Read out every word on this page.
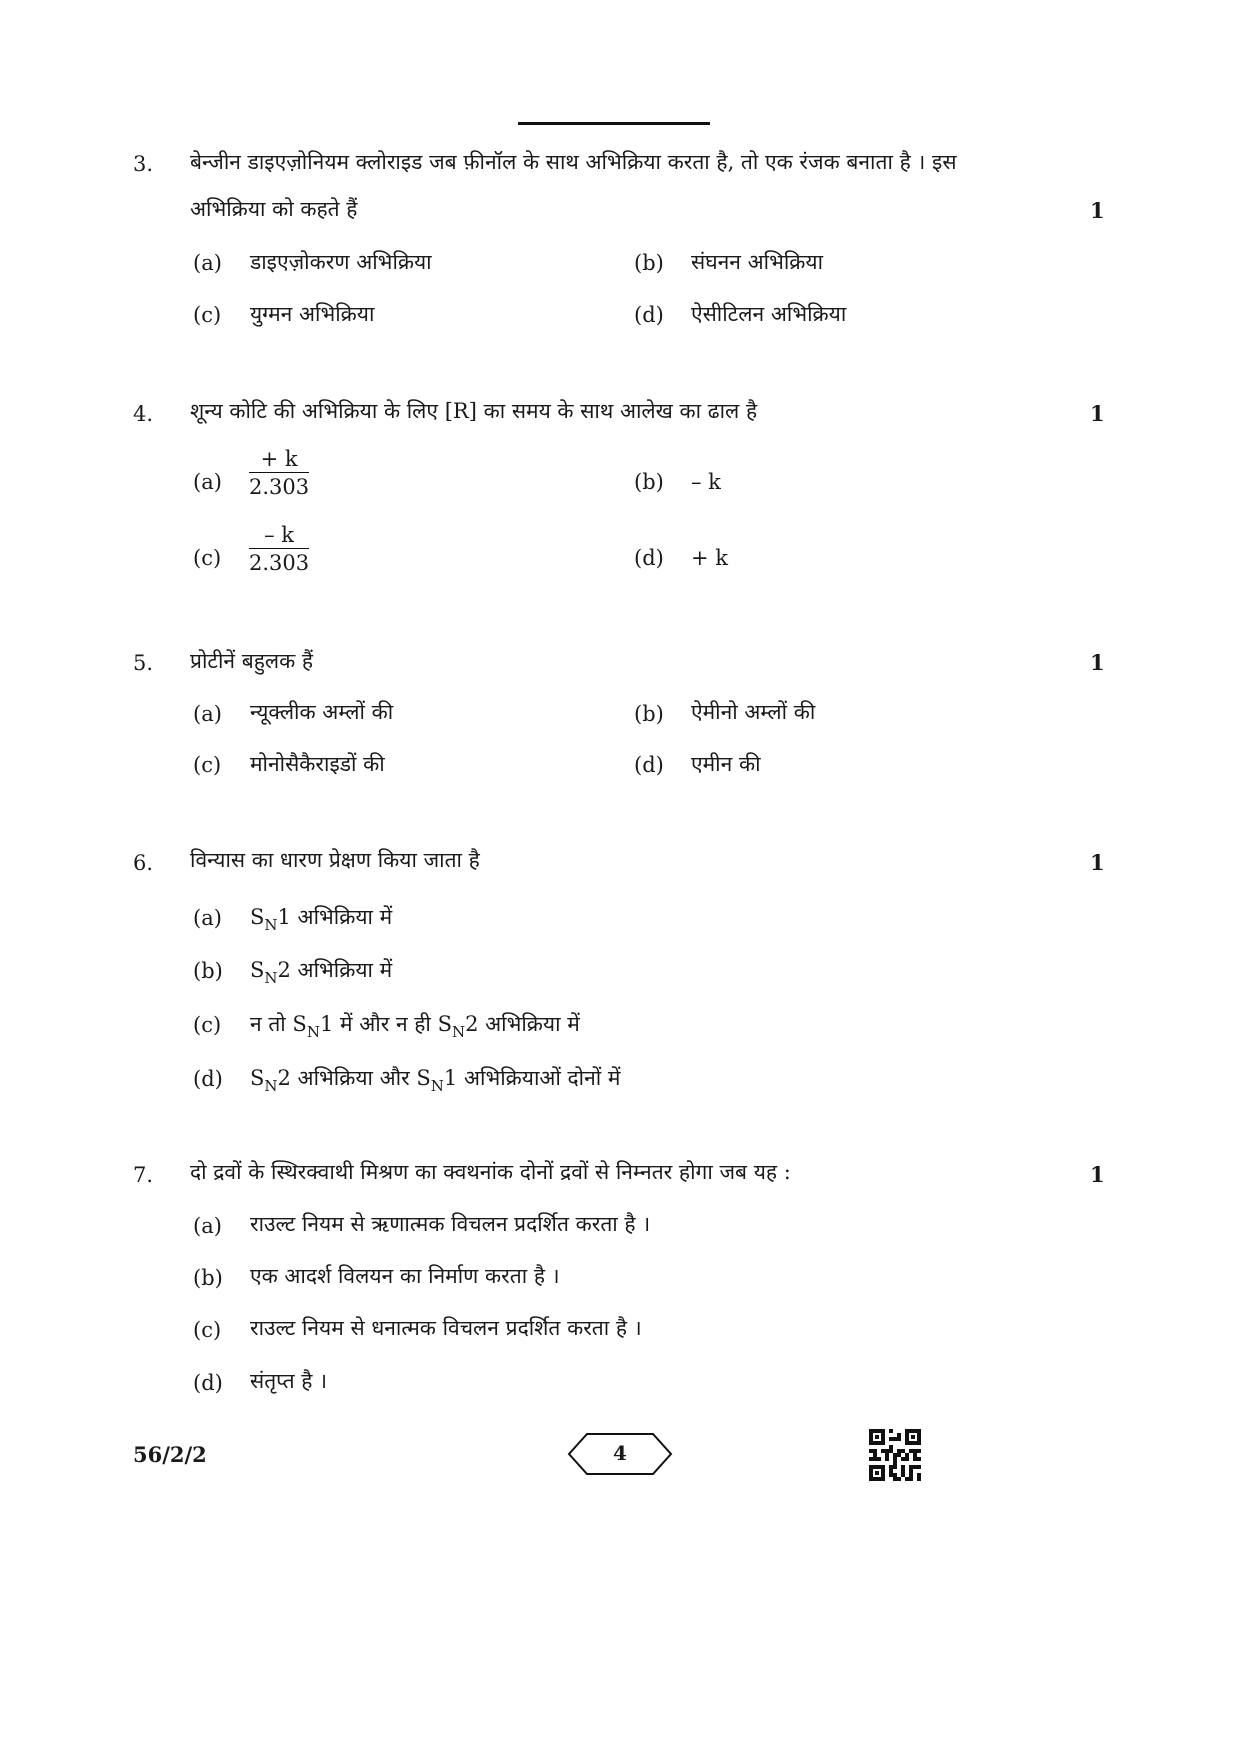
3. बेन्जीन डाइएज़ोनियम क्लोराइड जब फ़ीनॉल के साथ अभिक्रिया करता है, तो एक रंजक बनाता है । इस
अभिक्रिया को कहते हैं	1
(a) डाइएज़ोकरण अभिक्रिया	(b) संघनन अभिक्रिया
(c) युग्मन अभिक्रिया	(d) ऐसीटिलन अभिक्रिया
4. शून्य कोटि की अभिक्रिया के लिए [R] का समय के साथ आलेख का ढाल है	1
(a)
+ k
2.303	(b) – k
(c)
– k
2.303	(d) + k
5. प्रोटीनें बहुलक हैं	1
(a) न्यूक्लीक अम्लों की	(b) ऐमीनो अम्लों की
(c) मोनोसैकैराइडों की	(d) एमीन की
6. विन्यास का धारण प्रेक्षण किया जाता है	1
(a) $S_N1$ अभिक्रिया में
(b) $S_N2$ अभिक्रिया में
(c) न तो $S_N1$ में और न ही $S_N2$ अभिक्रिया में
(d) $S_N2$ अभिक्रिया और $S_N1$ अभिक्रियाओं दोनों में
7. दो द्रवों के स्थिरक्वाथी मिश्रण का क्वथनांक दोनों द्रवों से निम्नतर होगा जब यह :	1
(a) राउल्ट नियम से ऋणात्मक विचलन प्रदर्शित करता है ।
(b) एक आदर्श विलयन का निर्माण करता है ।
(c) राउल्ट नियम से धनात्मक विचलन प्रदर्शित करता है ।
(d) संतृप्त है ।
56/2/2	4
